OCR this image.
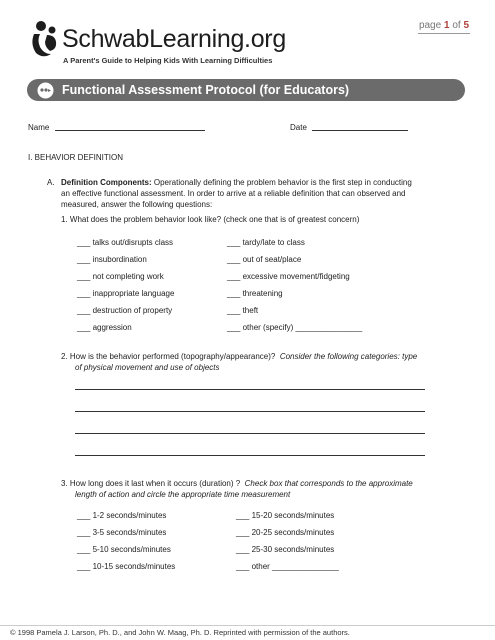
page 1 of 5
SchwabLearning.org
A Parent's Guide to Helping Kids With Learning Difficulties
Functional Assessment Protocol (for Educators)
Name	Date
I. BEHAVIOR DEFINITION
A. Definition Components: Operationally defining the problem behavior is the first step in conducting
an effective functional assessment. In order to arrive at a reliable definition that can observed and
measured, answer the following questions:
1. What does the problem behavior look like? (check one that is of greatest concern)
___ talks out/disrupts class
___ insubordination
___ not completing work
___ inappropriate language
___ destruction of property
___ aggression
___ tardy/late to class
___ out of seat/place
___ excessive movement/fidgeting
___ threatening
___ theft
___ other (specify) _______________
2. How is the behavior performed (topography/appearance)? Consider the following categories: type
of physical movement and use of objects
3. How long does it last when it occurs (duration) ? Check box that corresponds to the approximate
length of action and circle the appropriate time measurement
___ 1-2 seconds/minutes
___ 3-5 seconds/minutes
___ 5-10 seconds/minutes
___ 10-15 seconds/minutes
___ 15-20 seconds/minutes
___ 20-25 seconds/minutes
___ 25-30 seconds/minutes
___ other _______________
© 1998 Pamela J. Larson, Ph. D., and John W. Maag, Ph. D. Reprinted with permission of the authors.
